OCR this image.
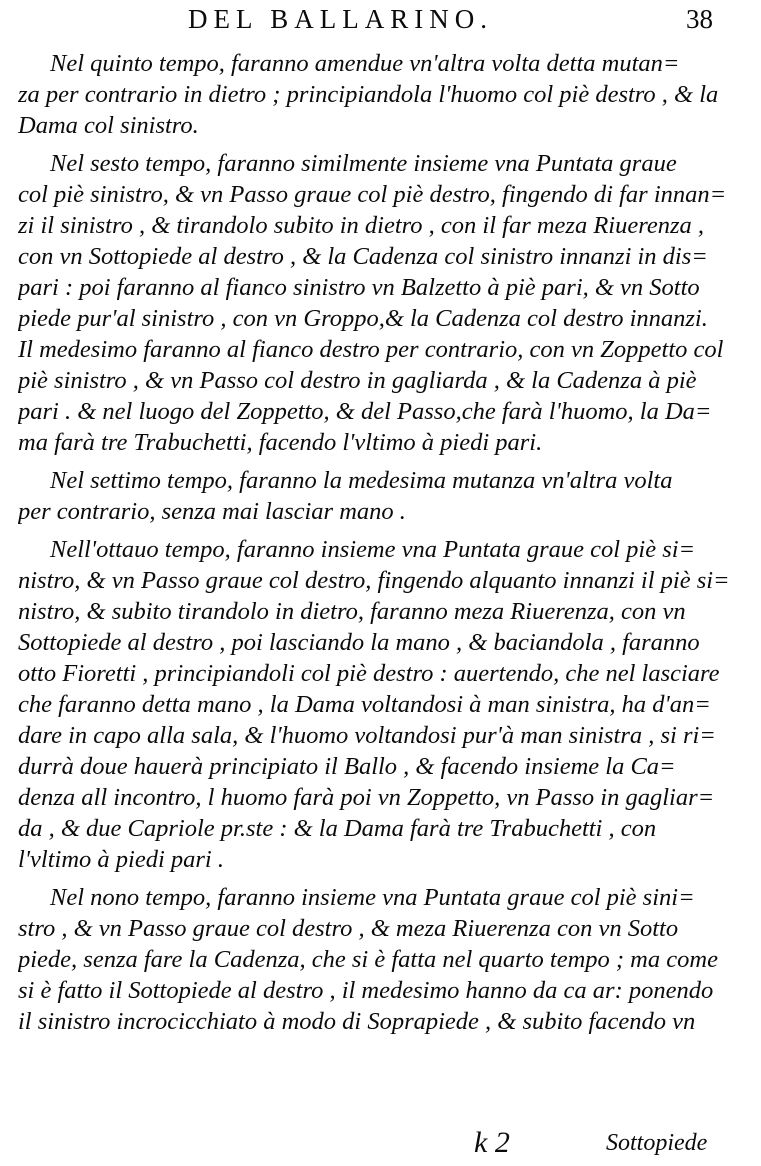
DEL BALLARINO.	38
Nel quinto tempo, faranno amendue vn'altra volta detta mutan=
za per contrario in dietro ; principiandola l'huomo col piè destro , & la
Dama col sinistro.
Nel sesto tempo, faranno similmente insieme vna Puntata graue
col piè sinistro, & vn Passo graue col piè destro, fingendo di far innan=
zi il sinistro , & tirandolo subito in dietro , con il far meza Riuerenza ,
con vn Sottopiede al destro , & la Cadenza col sinistro innanzi in dis=
pari : poi faranno al fianco sinistro vn Balzetto à piè pari, & vn Sotto
piede pur'al sinistro , con vn Groppo,& la Cadenza col destro innanzi.
Il medesimo faranno al fianco destro per contrario, con vn Zoppetto col
piè sinistro , & vn Passo col destro in gagliarda , & la Cadenza à piè
pari . & nel luogo del Zoppetto, & del Passo,che farà l'huomo, la Da=
ma farà tre Trabuchetti, facendo l'vltimo à piedi pari.
Nel settimo tempo, faranno la medesima mutanza vn'altra volta
per contrario, senza mai lasciar mano .
Nell'ottauo tempo, faranno insieme vna Puntata graue col piè si=
nistro, & vn Passo graue col destro, fingendo alquanto innanzi il piè si=
nistro, & subito tirandolo in dietro, faranno meza Riuerenza, con vn
Sottopiede al destro , poi lasciando la mano , & baciandola , faranno
otto Fioretti , principiandoli col piè destro : auertendo, che nel lasciare
che faranno detta mano , la Dama voltandosi à man sinistra, ha d'an=
dare in capo alla sala, & l'huomo voltandosi pur'à man sinistra , si ri=
durrà doue hauerà principiato il Ballo , & facendo insieme la Ca=
denza all incontro, l huomo farà poi vn Zoppetto, vn Passo in gagliar=
da , & due Capriole pr.ste : & la Dama farà tre Trabuchetti , con
l'vltimo à piedi pari .
Nel nono tempo, faranno insieme vna Puntata graue col piè sini=
stro , & vn Passo graue col destro , & meza Riuerenza con vn Sotto
piede, senza fare la Cadenza, che si è fatta nel quarto tempo ; ma come
si è fatto il Sottopiede al destro , il medesimo hanno da ca ar: ponendo
il sinistro incrocicchiato à modo di Soprapiede , & subito facendo vn
k 2	Sottopiede
